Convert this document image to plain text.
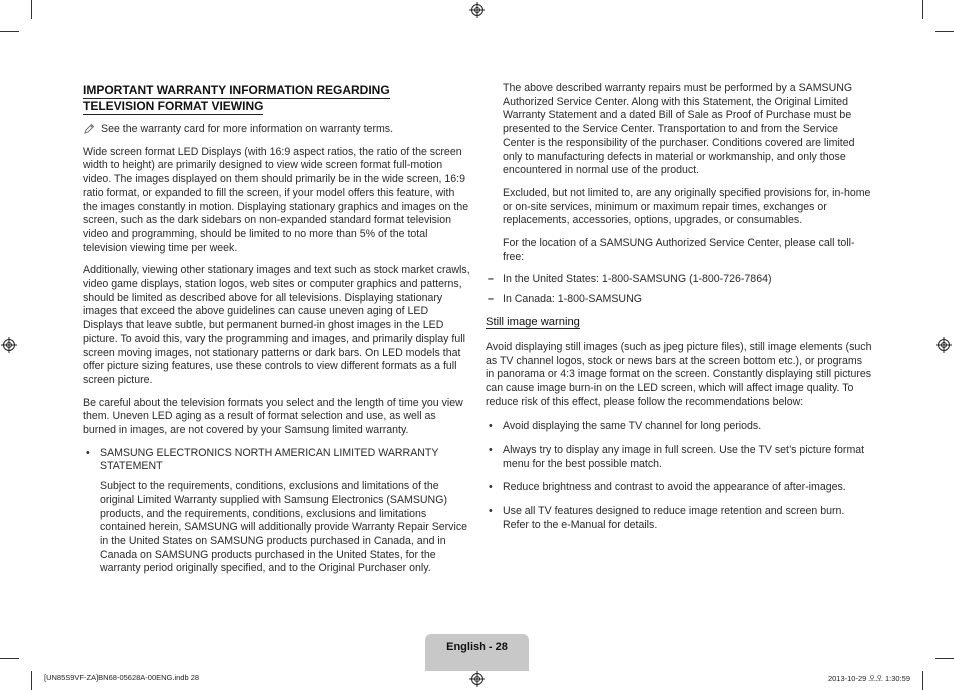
IMPORTANT WARRANTY INFORMATION REGARDING
TELEVISION FORMAT VIEWING
See the warranty card for more information on warranty terms.

Wide screen format LED Displays (with 16:9 aspect ratios, the ratio of the screen width to height) are primarily designed to view wide screen format full-motion video. The images displayed on them should primarily be in the wide screen, 16:9 ratio format, or expanded to fill the screen, if your model offers this feature, with the images constantly in motion. Displaying stationary graphics and images on the screen, such as the dark sidebars on non-expanded standard format television video and programming, should be limited to no more than 5% of the total television viewing time per week.

Additionally, viewing other stationary images and text such as stock market crawls, video game displays, station logos, web sites or computer graphics and patterns, should be limited as described above for all televisions. Displaying stationary images that exceed the above guidelines can cause uneven aging of LED Displays that leave subtle, but permanent burned-in ghost images in the LED picture. To avoid this, vary the programming and images, and primarily display full screen moving images, not stationary patterns or dark bars. On LED models that offer picture sizing features, use these controls to view different formats as a full screen picture.

Be careful about the television formats you select and the length of time you view them. Uneven LED aging as a result of format selection and use, as well as burned in images, are not covered by your Samsung limited warranty.

• SAMSUNG ELECTRONICS NORTH AMERICAN LIMITED WARRANTY STATEMENT

Subject to the requirements, conditions, exclusions and limitations of the original Limited Warranty supplied with Samsung Electronics (SAMSUNG) products, and the requirements, conditions, exclusions and limitations contained herein, SAMSUNG will additionally provide Warranty Repair Service in the United States on SAMSUNG products purchased in Canada, and in Canada on SAMSUNG products purchased in the United States, for the warranty period originally specified, and to the Original Purchaser only.

The above described warranty repairs must be performed by a SAMSUNG Authorized Service Center. Along with this Statement, the Original Limited Warranty Statement and a dated Bill of Sale as Proof of Purchase must be presented to the Service Center. Transportation to and from the Service Center is the responsibility of the purchaser. Conditions covered are limited only to manufacturing defects in material or workmanship, and only those encountered in normal use of the product.

Excluded, but not limited to, are any originally specified provisions for, in-home or on-site services, minimum or maximum repair times, exchanges or replacements, accessories, options, upgrades, or consumables.

For the location of a SAMSUNG Authorized Service Center, please call toll-free:

– In the United States: 1-800-SAMSUNG (1-800-726-7864)
– In Canada: 1-800-SAMSUNG
Still image warning

Avoid displaying still images (such as jpeg picture files), still image elements (such as TV channel logos, stock or news bars at the screen bottom etc.), or programs in panorama or 4:3 image format on the screen. Constantly displaying still pictures can cause image burn-in on the LED screen, which will affect image quality. To reduce risk of this effect, please follow the recommendations below:

• Avoid displaying the same TV channel for long periods.
• Always try to display any image in full screen. Use the TV set’s picture format menu for the best possible match.
• Reduce brightness and contrast to avoid the appearance of after-images.
• Use all TV features designed to reduce image retention and screen burn. Refer to the e-Manual for details.
English - 28
[UN85S9VF-ZA]BN68-05628A-00ENG.indb 28	2013-10-29 오오 1:30:59
